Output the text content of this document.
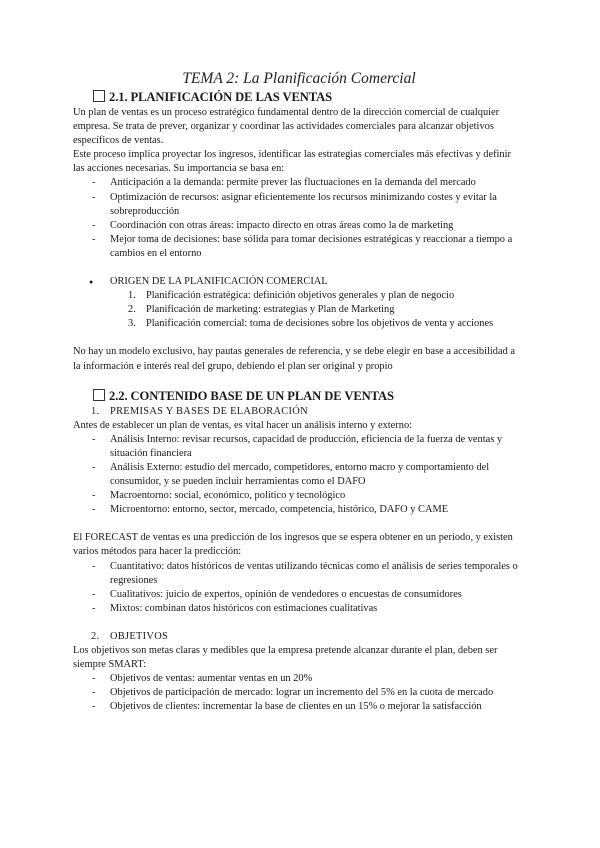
TEMA 2: La Planificación Comercial
2.1. PLANIFICACIÓN DE LAS VENTAS

Un plan de ventas es un proceso estratégico fundamental dentro de la dirección comercial de cualquier empresa. Se trata de prever, organizar y coordinar las actividades comerciales para alcanzar objetivos específicos de ventas.

Este proceso implica proyectar los ingresos, identificar las estrategias comerciales más efectivas y definir las acciones necesarias. Su importancia se basa en:

- Anticipación a la demanda: permite prever las fluctuaciones en la demanda del mercado
- Optimización de recursos: asignar eficientemente los recursos minimizando costes y evitar la sobreproducción
- Coordinación con otras áreas: impacto directo en otras áreas como la de marketing
- Mejor toma de decisiones: base sólida para tomar decisiones estratégicas y reaccionar a tiempo a cambios en el entorno

● ORIGEN DE LA PLANIFICACIÓN COMERCIAL

1. Planificación estratégica: definición objetivos generales y plan de negocio
2. Planificación de marketing: estrategias y Plan de Marketing
3. Planificación comercial: toma de decisiones sobre los objetivos de venta y acciones

No hay un modelo exclusivo, hay pautas generales de referencia, y se debe elegir en base a accesibilidad a la información e interés real del grupo, debiendo el plan ser original y propio

2.2. CONTENIDO BASE DE UN PLAN DE VENTAS

1. PREMISAS Y BASES DE ELABORACIÓN

Antes de establecer un plan de ventas, es vital hacer un análisis interno y externo:

- Análisis Interno: revisar recursos, capacidad de producción, eficiencia de la fuerza de ventas y situación financiera
- Análisis Externo: estudio del mercado, competidores, entorno macro y comportamiento del consumidor, y se pueden incluir herramientas como el DAFO
- Macroentorno: social, económico, político y tecnológico
- Microentorno: entorno, sector, mercado, competencia, histórico, DAFO y CAME

El FORECAST de ventas es una predicción de los ingresos que se espera obtener en un periodo, y existen varios métodos para hacer la predicción:

- Cuantitativo: datos históricos de ventas utilizando técnicas como el análisis de series temporales o regresiones
- Cualitativos: juicio de expertos, opinión de vendedores o encuestas de consumidores
- Mixtos: combinan datos históricos con estimaciones cualitativas

2. OBJETIVOS

Los objetivos son metas claras y medibles que la empresa pretende alcanzar durante el plan, deben ser siempre SMART:

- Objetivos de ventas: aumentar ventas en un 20%
- Objetivos de participación de mercado: lograr un incremento del 5% en la cuota de mercado
- Objetivos de clientes: incrementar la base de clientes en un 15% o mejorar la satisfacción
